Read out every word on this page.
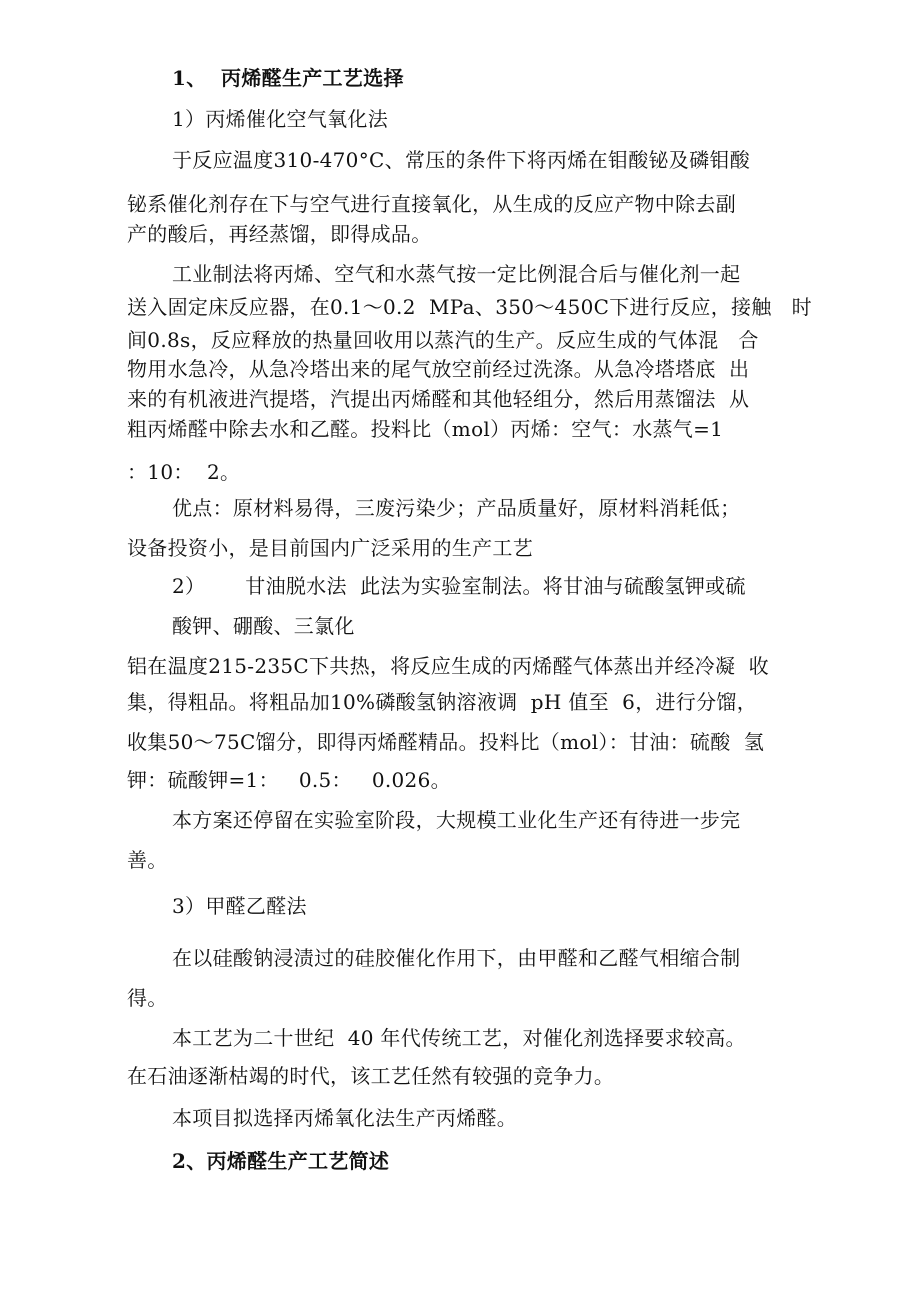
1、  丙烯醛生产工艺选择

1）丙烯催化空气氧化法

于反应温度310-470°C、常压的条件下将丙烯在钼酸铋及磷钼酸

铋系催化剂存在下与空气进行直接氧化，从生成的反应产物中除去副

产的酸后，再经蒸馏，即得成品。

工业制法将丙烯、空气和水蒸气按一定比例混合后与催化剂一起

送入固定床反应器，在0.1〜0.2  MPa、350〜450C下进行反应，接触   时

间0.8s，反应释放的热量回收用以蒸汽的生产。反应生成的气体混   合

物用水急冷，从急冷塔出来的尾气放空前经过洗涤。从急冷塔塔底  出

来的有机液进汽提塔，汽提出丙烯醛和其他轻组分，然后用蒸馏法  从

粗丙烯醛中除去水和乙醛。投料比（mol）丙烯：空气：水蒸气=1

：10：  2。

优点：原材料易得，三废污染少；产品质量好，原材料消耗低；

设备投资小，是目前国内广泛采用的生产工艺

2）      甘油脱水法  此法为实验室制法。将甘油与硫酸氢钾或硫

酸钾、硼酸、三氯化

铝在温度215-235C下共热，将反应生成的丙烯醛气体蒸出并经冷凝  收

集，得粗品。将粗品加10%磷酸氢钠溶液调  pH 值至  6，进行分馏，

收集50〜75C馏分，即得丙烯醛精品。投料比（mol）：甘油：硫酸  氢

钾：硫酸钾=1：   0.5：   0.026。

本方案还停留在实验室阶段，大规模工业化生产还有待进一步完

善。

3）甲醛乙醛法

在以硅酸钠浸渍过的硅胶催化作用下，由甲醛和乙醛气相缩合制

得。

本工艺为二十世纪  40 年代传统工艺，对催化剂选择要求较高。

在石油逐渐枯竭的时代，该工艺任然有较强的竞争力。

本项目拟选择丙烯氧化法生产丙烯醛。

2、丙烯醛生产工艺简述
